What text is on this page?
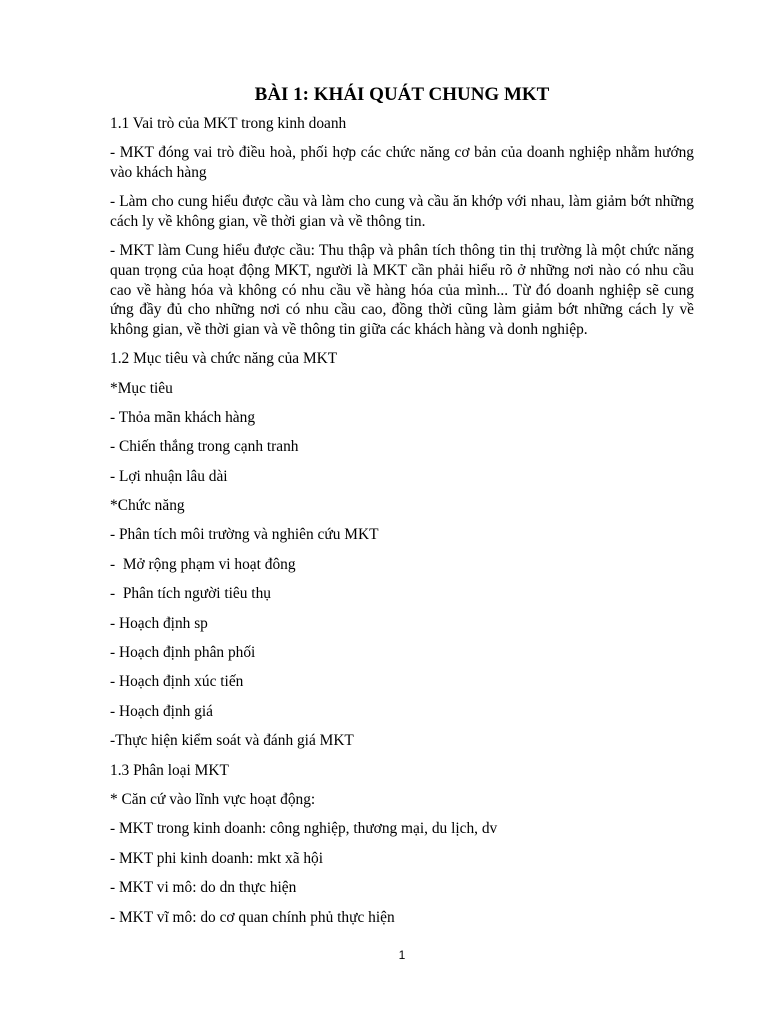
BÀI 1: KHÁI QUÁT CHUNG MKT

1.1 Vai trò của MKT trong kinh doanh

- MKT đóng vai trò điều hoà, phối hợp các chức năng cơ bản của doanh nghiệp nhằm hướng vào khách hàng

- Làm cho cung hiểu được cầu và làm cho cung và cầu ăn khớp với nhau, làm giảm bớt những cách ly về không gian, về thời gian và về thông tin.

- MKT làm Cung hiểu được cầu: Thu thập và phân tích thông tin thị trường là một chức năng quan trọng của hoạt động MKT, người là MKT cần phải hiểu rõ ở những nơi nào có nhu cầu cao về hàng hóa và không có nhu cầu về hàng hóa của mình... Từ đó doanh nghiệp sẽ cung ứng đầy đủ cho những nơi có nhu cầu cao, đồng thời cũng làm giảm bớt những cách ly về không gian, về thời gian và về thông tin giữa các khách hàng và donh nghiệp.

1.2 Mục tiêu và chức năng của MKT

*Mục tiêu

- Thỏa mãn khách hàng

- Chiến thắng trong cạnh tranh

- Lợi nhuận lâu dài

*Chức năng

- Phân tích môi trường và nghiên cứu MKT

-  Mở rộng phạm vi hoạt đông

-  Phân tích người tiêu thụ

- Hoạch định sp

- Hoạch định phân phối

- Hoạch định xúc tiến

- Hoạch định giá

-Thực hiện kiểm soát và đánh giá MKT

1.3 Phân loại MKT

* Căn cứ vào lĩnh vực hoạt động:

- MKT trong kinh doanh: công nghiệp, thương mại, du lịch, dv

- MKT phi kinh doanh: mkt xã hội

- MKT vi mô: do dn thực hiện

- MKT vĩ mô: do cơ quan chính phủ thực hiện

1
